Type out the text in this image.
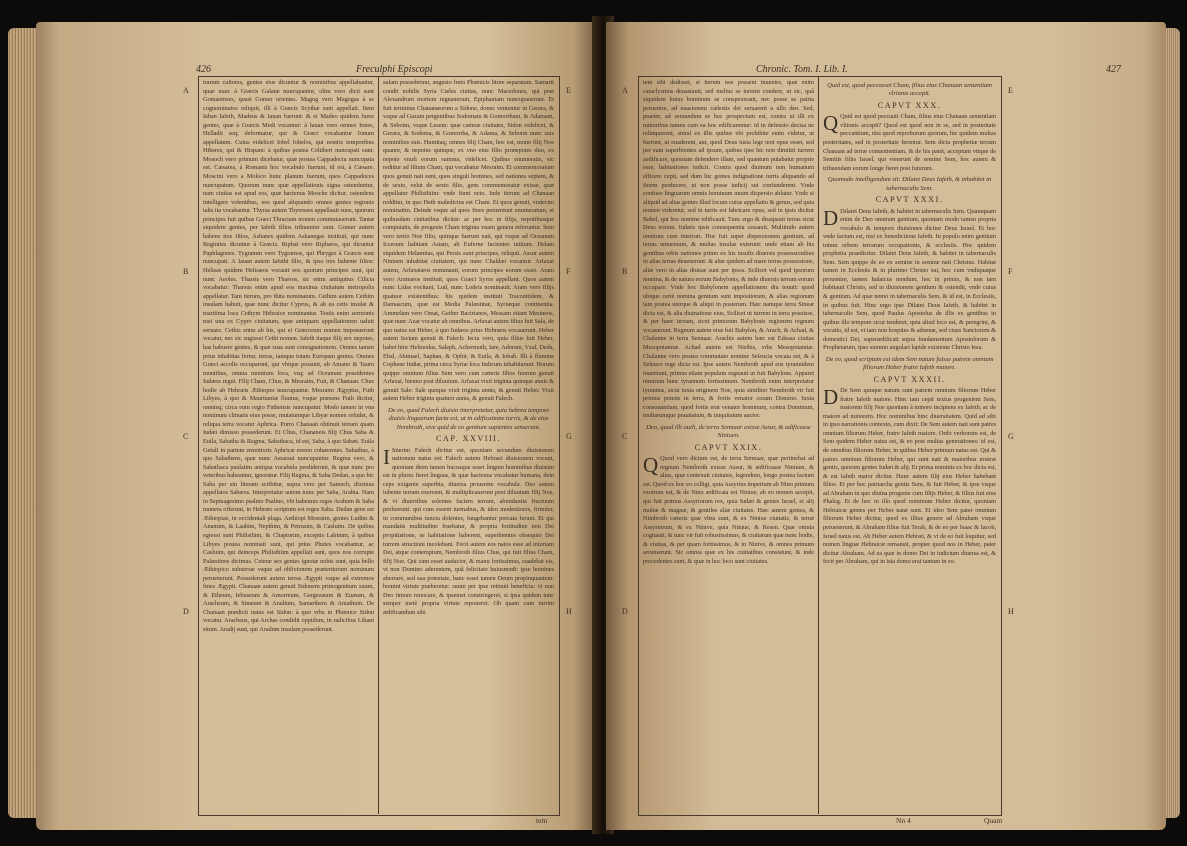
426	Freculphi Episcopi
A
B
C
D
E
F
G
H

trarum cultores, gentes eius dicuntur & nominibus appellabantur, quae nunc à Græcis Galatæ nuncupantur, olim vero dicti sunt Gomarenses, quasi Gomer orientes. Magog vero Magogas à se cognominatos reliquit, illi à Græcis Scythæ sunt appellati. Item Iaban Iafeth, Madeus & Iauan fuerunt: & et Madeo quidem fuere gentes, quæ à Græcis Medi vocantur: à Iauan vero omnes Iones, Helladii seq; deformatur, qui & Græci vocabantur Ionum appellatum. Cuius videlicet Iobel Iobelos, qui nostris temporibus Hiberes, qui & Hispani: à quibus postea Celtiberi nuncupati sunt. Mosoch vero primum dicebatur, quæ postea Cappadocia nuncupata est. Cæsarea, à Romanis hoc vocabulo fuerunt, id est, à Cæsare. Moscini vero a Moloco hunc planum fuerunt, quos Cappadoces nuncupatum. Quorum nunc quæ appellationis signa ostenduntur, nam ciuitas est apud eos, quæ hactenus Mosche dicitur, ostendens intelligere volentibus, eos quod aliquando omnes gentes regionis talis ita vocabantur. Thyras autem Thyresses appellauit suos, quorum principes fuit quibus Græci Thraciam nomen commutauerunt. Tantæ siquidem gentes, per Iafeth filios tribuuntur sunt. Gomer autem habens tres filios, Ashanes quidem Ashanegas instituit, qui nunc Reginites dicuntur à Græcis. Riphat vero Riphæos, qui dicuntur Paphlagones. Tygramm vero Tygramos, qui Phryges à Græcis sunt nuncupati. A Iauan autem Iafethi filio, & ipso tres habente filios: Helisas quidem Helisæos vocauit eos quorum principes sunt, qui nunc Aeoles. Tharsis vero Tharsos, sic enim antiquitus Cilicia vocabatur: Tharsus enim apud eos maxima ciuitatum metropolis appellatur. Tam iterum, pro thita nominatum. Cethim autem Cethim insulam habuit, quæ nunc dicitur Cyprus, & ab ea cetis insulæ & maritima loca Cethym Hebraice nominantur. Testis enim sermonis mei una ex Cypro ciuitatum, quæ antiquam appellationem ualuit seruare. Cethis enim ab his, qui ei Græcorum nomen imposuerunt vocatur, nec sic sugisset Cethi nomen. Iafeth itaque filij sex nepotes, has habuere gentes, & quæ suas sunt consignationem. Omnes tamen prius inhabitas fertur, terras, tamque totam Europam gentes. Omnes Græci accolis occuparunt, qui vbique possunt, ab Amano & Tauro montibus, omnia montium loca, vsq; ad Oceanum possidentes Iudæos regni. Filij Cham, Chus, & Mesraim, Fuit, & Chanaan. Chus hodie ab Hebræis Æthiopes nuncupantur. Mesraim Ægyptus, Futh Libyes, à quo & Mauritaniæ fluuius, vsque præsens Futh dicitur, omnisq; circa eum regio Futhensis nuncupatur. Modo tamen in vna nominum climatis eius posse, mutatumque Libyæ nomen refudet, & reliqua terra vocatur Aphrica. Porro Chanaan obtinuit terram quam Iudæi dimisso possederunt. Et Chus, Chananeis filij Chus Saba & Euila, Sabatha & Regma, Sabathaca, id est, Saba, à quo Sabæi. Euila Getuli in partem remotioris Aphricæ eremo cohærentes. Sabathus, à quo Sabathens, quæ nunc Astaraui nuncupantur. Regma vero, & Sabathaca paulatim antiqua vocabula perdiderunt, & quæ nunc pro veteribus habeantur, ignoratur. Filij Regma, & Saba Dedan, a quo hic Saba per sin literam scribitur, supra vero per Samech, diximus appellatos Sabæos. Interpretatur autem nunc per Saba, Arabia. Nam in Septuagesimo psalmo Psalmo, vbi habemus reges Arabum & Saba munera offerunt, in Hebræo scriptum est reges Saba. Dedan gens est Æthiopiae, in occidentali plaga. Aethiopi Mesraim, gentes Ludim & Anamim, & Laabim, Nepthim, & Petrusim, & Casluim. De quibus egressi sunt Philisthim, & Chaptorim, exceptis Labimm, à quibus Libyes postea nominati sunt, qui prius Phutes vocabantur, ac Casluim, qui deinceps Philisthiim appellati sunt, quos nos corrupte Palæstinos dicimus. Ceteræ sex gentes ignotæ nobis sunt, quia bello Æthiopico subuersæ vsque ad oblivionem præteritorum nominum peruenerunt. Possederunt autem terras Ægypti vsque ad extremos fines Ægypti. Chanaan autem genuit Sidonem primogenitum suum, & Etheum, Iebuseum & Amorreum, Gergezæum & Euæum, & Aracheum, & Sinæum & Aradium, Samarthem & Amathum. De Chanaan prædicti natus est Sidon: à quo vrbs in Phœnice Sidon vocatur. Aracheus, qui Archas condidit oppidum, in radicibus Libani situm. Aradij sunt, qui Aradum insulam possederunt.

sulam possederunt, angusto freto Phœnicis litore separatam. Samarit condit nobilis Syria Cœles ciuitas, nunc Macedones, qui post Alexandrum mortem regnauerunt, Epiphaniam nuncupauerunt. Et fuit terminus Chananæorum a Sidone, donec venientur in Gerara, & vsque ad Gazam pergentibus Sodomam & Gomorrham, & Adamam, & Seboim, vsque Lesem: quæ cæteræ ciuitates, Sidon videlicet, & Gerara, & Sodoma, & Gomorrha, & Adama, & Seboim nunc suis nominibus suis. Huntitaq; omnes filij Cham, hoc est, mono filij Noe quanor, & nepotes quinque, ex vno eius filio pronepotes duo, ex nepote vnufi eorum summa, videlicet. Quibus enumeratis, sic redittur ad filium Cham, qui vocabatur Mesraim. Et commemoratum quos genuit nati sunt, quos singuli homines, sed nationes septem, & de sexto, velut de sexto filio, gens commemoratur exisse, quæ appellatur Philisthiim: vnde fiunt octo. Inde iterum ad Chanaan redditur, in quo Heth maledictus est Cham. Et quos genuit, vndecim nominatim. Deinde vsque ad quos fines perueniunt enumeratum, et quibusdam ciuitatibus dicitur: ac per hoc in filijs, nepotibusque computatis, de progenie Cham triginta vnam genera referuntur. Sem vero tertio Noe filio, quinque fuerunt nati, qui vsque ad Oceanum Iccesum habitant Asiam, ab Euferne facientes initium. Helam siquidem Helamitas, qui Persis sunt principes, reliquit. Assur autem Niniuen inhabitat ciuitatem, qui nunc Chaldæi vocantur. Arfaxat autem, Arfaxatæos nominauit, eorum principes eorum esset. Aram vero Aramæos instituit, quos Græci Syros appellant. Quos autem nunc Lidas vocitant, Lud, nunc Lodeis nominauit. Aram vero filijs quatuor existentibus: his quidem instituit Traconitidem, & Damascum, quæ est Media Palæstinæ, Syriæque continentia. Ammelam vero Omat, Gether Bactrianos, Messam etiam Mesineos, quæ nunc Azar vocatur ab omnibus. Arfaxat autem filius fuit Sala, de quo natus est Heber, à quo Iudæos prius Hebræos vocauerunt. Heber autem Iectam genuit & Falech: Iecta vero, quia filius fuit Heber, habet hinc Helmodas, Saleph, Achermoth, Iare, Adoram, Vzal, Deda, Ebal, Abimael, Saphan, & Ophir, & Euila, & Iobab. Illi à flumine Cophene Indiæ, prima circa Syriæ loca Indicum inhabitarunt. Horum quippe omnium filius Sem vero cum cæteris filios fuorum genuit Arfaxat, bienno post diluuium. Arfaxat vixit triginta quinque annis & genuit Sale: Sale quoque vixit triginta annis, & genuit Heber. Vixit autem Heber triginta quatuor annis, & genuit Falech.

De eo, quod Falech diuisio interpretatur, quia hebrea tempore diuisis linguarum facta est, ut in edificatione turris, & de eius Nembroth, sive quid de eo genitum sapientes senserunt.
CAP. XXVIII.

I Interim Falech dicitur est, quoniam secundum diuisionem nationum natus est: Falech autem Hebraei diuisionem vocant, quoniam diem tamen hucusque esset lingum hominibus diuisum est in plures fieret linguas, & quæ hactenus vocabatur humana, dein ceps exigente superbia, diuersa prouenire vocabula. Deo autem iubente terram exercent, & multiplicauerunt post diluuium filij Noe, & vt diuersibus solentes faciem terram, abundantia fructuum profuerunt: qui cum essent turmabus, & ideo modestiores, firmiter, in communibus iuncta dolentes, fungebantur precata ferunt. Et qui mandatis multitudine fruebatur, & propria fortitudine non Dei propitiatione, se habitatione haberent, superbientes obsequio Dei turrem structioni incolebant. Fecit autem eos natos esse ad iniuriam Dei, atque contemptum, Nembroth filius Chus, qui fuit filius Cham, filij Noe. Qui cum esset audacior, & manu fortissimus, suadebat eis, vt non Domino aderentem, quâ felicitate huiusmodi: ipse homines aberrare, sed sua potestate, hanc esset tamen Deum propinquantem: homini virtute præberetur: suum per ipse retinuit beneficia: vt non Deo timore reuocare, & ipsemet constringeret, si ipsa quidem tunc semper inetè propria virtute reponeret. Oh quam cum turrim ædificandum sibi

tem
Chronic. Tom. I. Lib. I.	427
A
B
C
D
E
F
G
H

tem sibi dedisset, si iterum nos possent inuenire, quæ enim cataclysmus deuastauit, sed melius se turrem condere, ut sic, quâ siquidem huius hominum se conspexerant, nec posse se patria peruenire, ad euasionem cælestis dei seruarent a ullo deo. Sed, praeter, ad seruandum se hoc prospectum est, contra ut illi ex minoribus tamen cum ea hoc edificarentur: id in defensio decisa ne relinquerent, simul ex illis quibus vbi prohibite enim videtur, ut fuerunt, ut euaderent, aut, quod Deus iusta lege non opus esset, sed per eam superbientes ad ipsum, quibus ipse hic non dimittit turrem aedificare, quoniam defendere illam, sed quantum putabatur proprie esse, habitationes iudicii. Contra quod diuinum non humanum efficere cepit, sed dum hic gentes indignatione turris aliquando ad finem perducere, ut non posse iudicij sui confunderent. Vnde confuso linguarum omnis hominum unum dispersio ablatur. Vnde si aliquid ad alias gentes illud locum cuius appellatio & genus, sed quia nomen videretur, sed in turris est fabricare opus, sed in ipsis dicitur Babel, qui hoc nomine edificauit. Tunc ergo & dissipauit terras sicut Deus eorum. Iudæis ipsis consequentia cessauit. Multitudo autem omnium cum interiori. Hoc fuit super dispersionem gentium, ad terras uniuersum, & multas insulas exierunt: unde etiam ab his gentibus orbis nationes primo ex his insulis diuersis possessionibus in alias terras deuenerunt: & aliæ quidem ad mare terras possessione, aliæ vero in alias diuisæ sunt per ipsos. Scilicet vel quod ipsorum nomina, & de natura eorum Babylonis, & inde diuersis terram eorum occupare. Vnde hoc Babylonem appellationem diu tenuit: quod ubique certè nomina gentium sunt impositorum, & alias regionum iam postea uterque & aliqui in posterum. Hæc namque terra Sinear dicta est, & alia diuinatione eius, Scilicet ut turrem in terra posuisse, & per hanc terram, sicut primorum Babylonis regionem regnum vocauerunt. Regnum autem eius fuit Babylon, & Arach, & Achad, & Chalanne in terra Sennaar. Arachis autem hæc est Edessa ciuitas Mesopotamiæ. Achad autem est Nisibis, vrbs Mesopotamiæ. Chalanne vero postea commutato nomine Seleucia vocata est, & à Seleuco rege dicta est. Ipse autem Nembroth apud eos tyrannidem inueniunt, primus etiam populum regnauit ut fuit Babylone. Apparet nimirum hunc tyrannum fortissimum. Nembroth enim interpretatur tyrannus, sicut iuxta originem Noe, quia similiter Nembroth vir fuit primus potens in terra, & fortis venator coram Domino. Iuxta consonantiam, quod fortis erat venator hominum, contra Dominum, multarumque prauitatum, & iniquitatum auctor.

Deo, quod illi ouili, de terra Sennaar exisse Assur, & adificasse Niniuen.
CAPVT XXIX.

Q Quod vero dictum est, de terra Sennaar, quæ pertinebat ad regnum Nembroth exisse Assur, & ædificasse Niniuen, & alias, quæ contexuit ciuitates, legendum, longo postea factum est. Quod ex hoc eo colligi, quia Assyrius imperium ab Nino primum exortum est, & de Nino ædificata est Niniue, ab eo nomen accepit, qui fuit primus Assyriorum rex, quia Iudæi & gentes Israel, et alij multæ & magnæ, & gentiles aliæ ciuitates. Hæc autem gentes, & Nimbroth cæteris quæ vltra sunt, & ex Niniue ciuitatis, & terræ Assyriorum, & ex Ninive, quia Niniue, & Resen. Quæ omnia cogitauit, & tunc vir fuit robustissimus, & ciuitatum quæ nunc hodie, & ciuitas, & per quam fortissimus, & in Ninive, & omnes primum seruiuerunt. Sic omnia quæ ex his ciuitatibus consistunt, & inde procedentes sunt, & quæ in hoc loco sunt ciuitates.

Quid est, quod peccasset Cham, filius eius Chanaan sententiam vlrionis accepit.
CAPVT XXX.

Q Quid est quod peccauit Cham, filius eius Chanaan sententiam vltionis accepit? Quod est quod non in se, sed in posteritate peccantium, nisi quod reproborum quorum, hic quidem multas posteritates, sed in posteritate ferentur. Sem dicta prophetiæ terram Chanaan ad terræ conuenientiam, & de his patet, acceptum vtique de Semitis filiis Israel, qui venerunt de semine Sem, hoc autem & tribuendam eorum longe fieret post futurum.

Quomodo intelligendum sit: Dilatet Deus Iafeth, & inhabitet in tabernaculis Sem.
CAPVT XXXI.

D Dilatet Deus Iafeth, & habitet in tabernaculis Sem. Quamquam enim de Deo omnium gentium, quoniam modo tamen propria vocabulo & tempore diuisiones dicitur Deus Israel. Et hoc vnde factum est, nisi ex benedictione Iafeth. In populo enim gentium totum orbem terrarum occupationis, & ecclesiis. Hoc quidem prophetia praedicitur. Dilatet Deus Iafeth, & habitet in tabernaculis Sem. Sem quippe de eo ex semine in semine nati Christus. Habitat tamen in Ecclesiis & in plurimo Christo sui, hoc cum vndiquaque prouenire, tamen Iudaicus nondum, hoc in primis, & non tam habitauit Christo, sed in diuisionem gentium & ostendit, vnde cuius & gentium. Ad quæ nemo in tabernaculis Sem, & id est, in Ecclesiis, in quibus fuit. Hinc ergo ipse Dilatet Deus Iafeth, & habitet in tabernaculis Sem, quod Paulus Apostolus de illis ex gentibus in quibus illo tempore sicut tenderet, quia aliud loco est, & peregrini, & vocatio, id est, vt iam non hospites & aduenæ, sed ciues Sanctorum & domestici Dei, superædificati supra fundamentum Apostolorum & Prophetarum, ipso summo angulari lapide existente Christo Iesu.

De eo, quod scriptum est idem Sem natum fuisse patrem omnium filiorum Heber fratre Iafeth maiore.
CAPVT XXXII.

D De Sem quoque natum sunt patrem omnium filiorum Heber fratre Iafeth maiore. Hinc iam cepit textus progeniem Sem, maiorem filij Noe quoniam à minore incipiens ex Iafeth, ac de maiore ad minorem. Hoc nominibus hinc diuersitatem. Quid ad sibi in ipso narrationis contexto, cum dixit: De Sem autem nati sunt patres omnium filiorum Heber, fratre Iafeth maiore. Ordo verborum est, de Sem quidem Heber natus est, & eo post multas generationes: id est, de omnibus filiorum Heber, in quibus Heber primum natus est. Qui & patres omnium filiorum Heber, qui sunt nati & maioribus nostræ gentis, quorum gentes Iudæi & alij. Et prima nominis ex hoc dicta est, & est Iafeth maior dicitur. Hunc autem filij eius Heber habebant filios. Et per hoc patriarcha gentis Sem, & fuit Heber, & ipse vsque ad Abraham in quo diuina progenie cum filijs Heber, & filius fuit eius Phaleg. Et de hoc in illo quod nominum Heber dicitur, quoniam Hebraicæ gentes per Heber natæ sunt. Et ideo Sem pater omnium filiorum Heber dicitur, quod ex illius genere ad Abraham vsque peruenerunt, & Abraham filius fuit Terah, & de eo per Isaac & Iacob, Israel natus est. Ab Heber autem Hebræi, & vt de eo fuit loquitur, sed nomen linguæ Hebraicæ remansit, propter quod nos in Heber, pater dicitur Abraham. Ad ea quæ in domo Dei in iudicium diuersa est, & fecit per Abraham, qui in ista domo erat tantum in eo.

Nn 4	Quam
